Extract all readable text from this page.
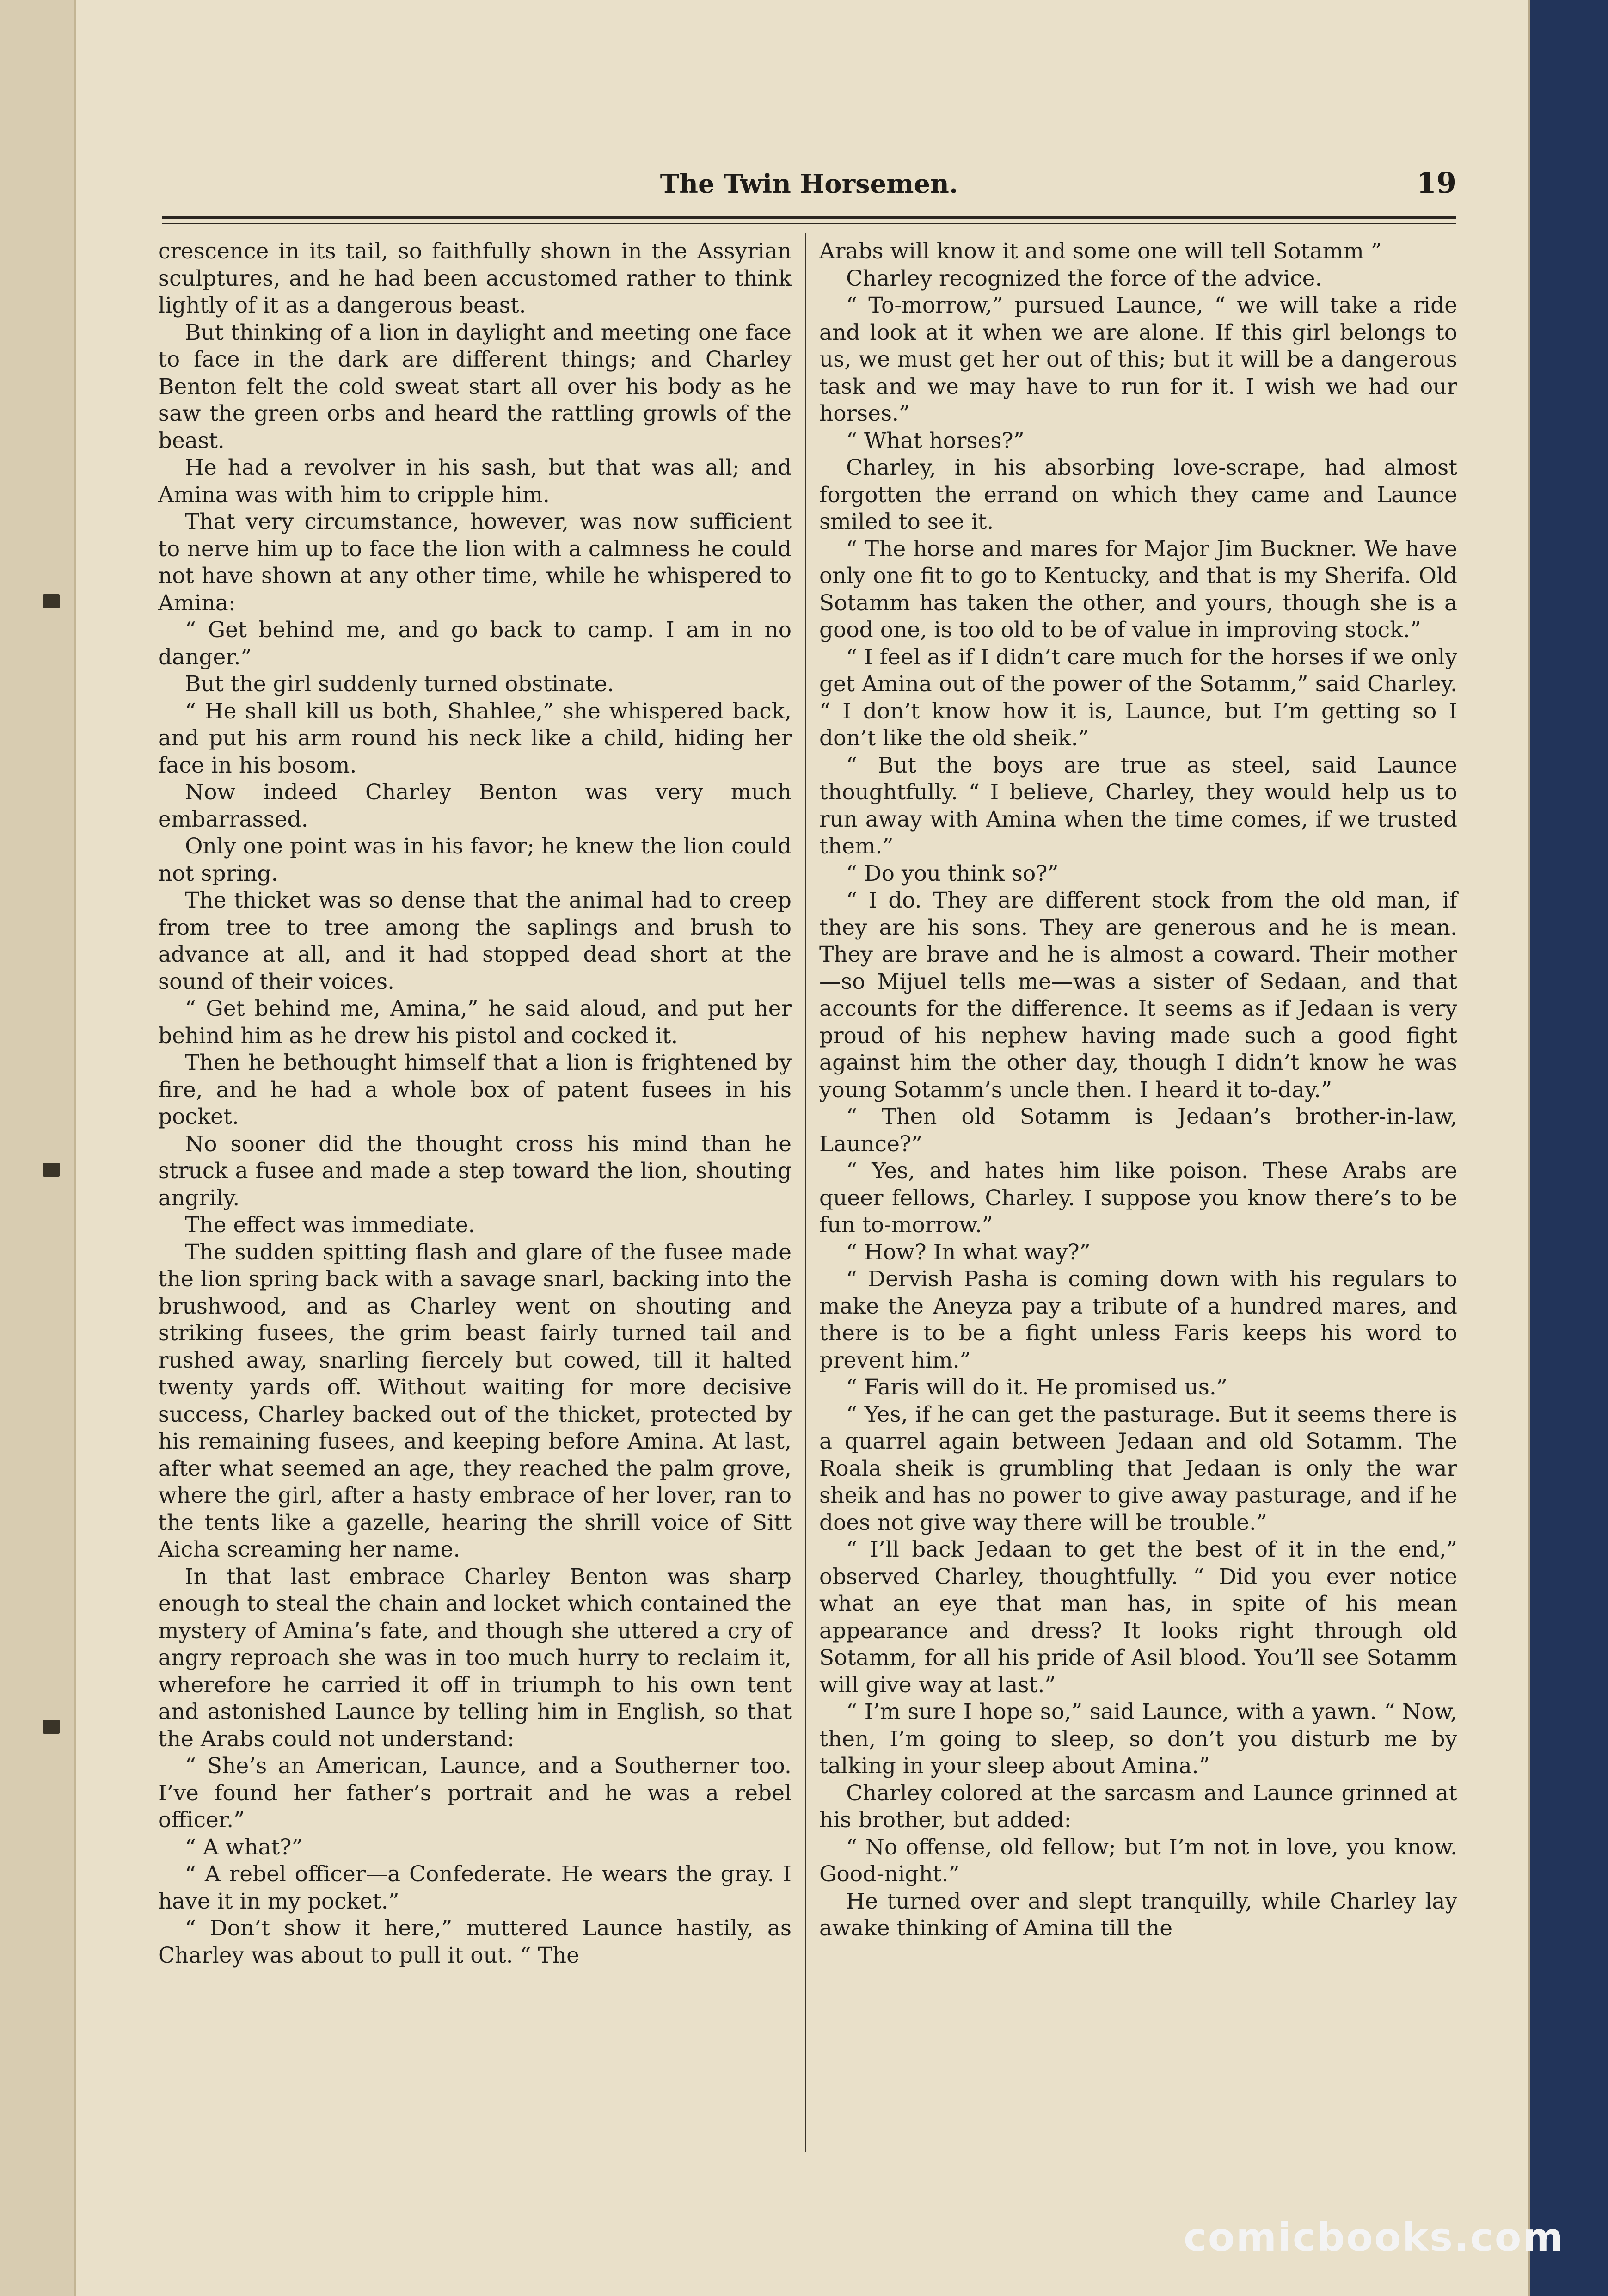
The Twin Horsemen.	19

crescence in its tail, so faithfully shown in the Assyrian sculptures, and he had been accustomed rather to think lightly of it as a dangerous beast.

But thinking of a lion in daylight and meeting one face to face in the dark are different things; and Charley Benton felt the cold sweat start all over his body as he saw the green orbs and heard the rattling growls of the beast.

He had a revolver in his sash, but that was all; and Amina was with him to cripple him.

That very circumstance, however, was now sufficient to nerve him up to face the lion with a calmness he could not have shown at any other time, while he whispered to Amina:

“ Get behind me, and go back to camp. I am in no danger.”

But the girl suddenly turned obstinate.

“ He shall kill us both, Shahlee,” she whispered back, and put his arm round his neck like a child, hiding her face in his bosom.

Now indeed Charley Benton was very much embarrassed.

Only one point was in his favor; he knew the lion could not spring.

The thicket was so dense that the animal had to creep from tree to tree among the saplings and brush to advance at all, and it had stopped dead short at the sound of their voices.

“ Get behind me, Amina,” he said aloud, and put her behind him as he drew his pistol and cocked it.

Then he bethought himself that a lion is frightened by fire, and he had a whole box of patent fusees in his pocket.

No sooner did the thought cross his mind than he struck a fusee and made a step toward the lion, shouting angrily.

The effect was immediate.

The sudden spitting flash and glare of the fusee made the lion spring back with a savage snarl, backing into the brushwood, and as Charley went on shouting and striking fusees, the grim beast fairly turned tail and rushed away, snarling fiercely but cowed, till it halted twenty yards off. Without waiting for more decisive success, Charley backed out of the thicket, protected by his remaining fusees, and keeping before Amina. At last, after what seemed an age, they reached the palm grove, where the girl, after a hasty embrace of her lover, ran to the tents like a gazelle, hearing the shrill voice of Sitt Aicha screaming her name.

In that last embrace Charley Benton was sharp enough to steal the chain and locket which contained the mystery of Amina’s fate, and though she uttered a cry of angry reproach she was in too much hurry to reclaim it, wherefore he carried it off in triumph to his own tent and astonished Launce by telling him in English, so that the Arabs could not understand:

“ She’s an American, Launce, and a Southerner too. I’ve found her father’s portrait and he was a rebel officer.”

“ A what?”

“ A rebel officer—a Confederate. He wears the gray. I have it in my pocket.”

“ Don’t show it here,” muttered Launce hastily, as Charley was about to pull it out. “ The

Arabs will know it and some one will tell Sotamm ”

Charley recognized the force of the advice.

“ To-morrow,” pursued Launce, “ we will take a ride and look at it when we are alone. If this girl belongs to us, we must get her out of this; but it will be a dangerous task and we may have to run for it. I wish we had our horses.”

“ What horses?”

Charley, in his absorbing love-scrape, had almost forgotten the errand on which they came and Launce smiled to see it.

“ The horse and mares for Major Jim Buckner. We have only one fit to go to Kentucky, and that is my Sherifa. Old Sotamm has taken the other, and yours, though she is a good one, is too old to be of value in improving stock.”

“ I feel as if I didn’t care much for the horses if we only get Amina out of the power of the Sotamm,” said Charley. “ I don’t know how it is, Launce, but I’m getting so I don’t like the old sheik.”

“ But the boys are true as steel, said Launce thoughtfully. “ I believe, Charley, they would help us to run away with Amina when the time comes, if we trusted them.”

“ Do you think so?”

“ I do. They are different stock from the old man, if they are his sons. They are generous and he is mean. They are brave and he is almost a coward. Their mother—so Mijuel tells me—was a sister of Sedaan, and that accounts for the difference. It seems as if Jedaan is very proud of his nephew having made such a good fight against him the other day, though I didn’t know he was young Sotamm’s uncle then. I heard it to-day.”

“ Then old Sotamm is Jedaan’s brother-in-law, Launce?”

“ Yes, and hates him like poison. These Arabs are queer fellows, Charley. I suppose you know there’s to be fun to-morrow.”

“ How? In what way?”

“ Dervish Pasha is coming down with his regulars to make the Aneyza pay a tribute of a hundred mares, and there is to be a fight unless Faris keeps his word to prevent him.”

“ Faris will do it. He promised us.”

“ Yes, if he can get the pasturage. But it seems there is a quarrel again between Jedaan and old Sotamm. The Roala sheik is grumbling that Jedaan is only the war sheik and has no power to give away pasturage, and if he does not give way there will be trouble.”

“ I’ll back Jedaan to get the best of it in the end,” observed Charley, thoughtfully. “ Did you ever notice what an eye that man has, in spite of his mean appearance and dress? It looks right through old Sotamm, for all his pride of Asil blood. You’ll see Sotamm will give way at last.”

“ I’m sure I hope so,” said Launce, with a yawn. “ Now, then, I’m going to sleep, so don’t you disturb me by talking in your sleep about Amina.”

Charley colored at the sarcasm and Launce grinned at his brother, but added:

“ No offense, old fellow; but I’m not in love, you know. Good-night.”

He turned over and slept tranquilly, while Charley lay awake thinking of Amina till the

comicbooks.com
